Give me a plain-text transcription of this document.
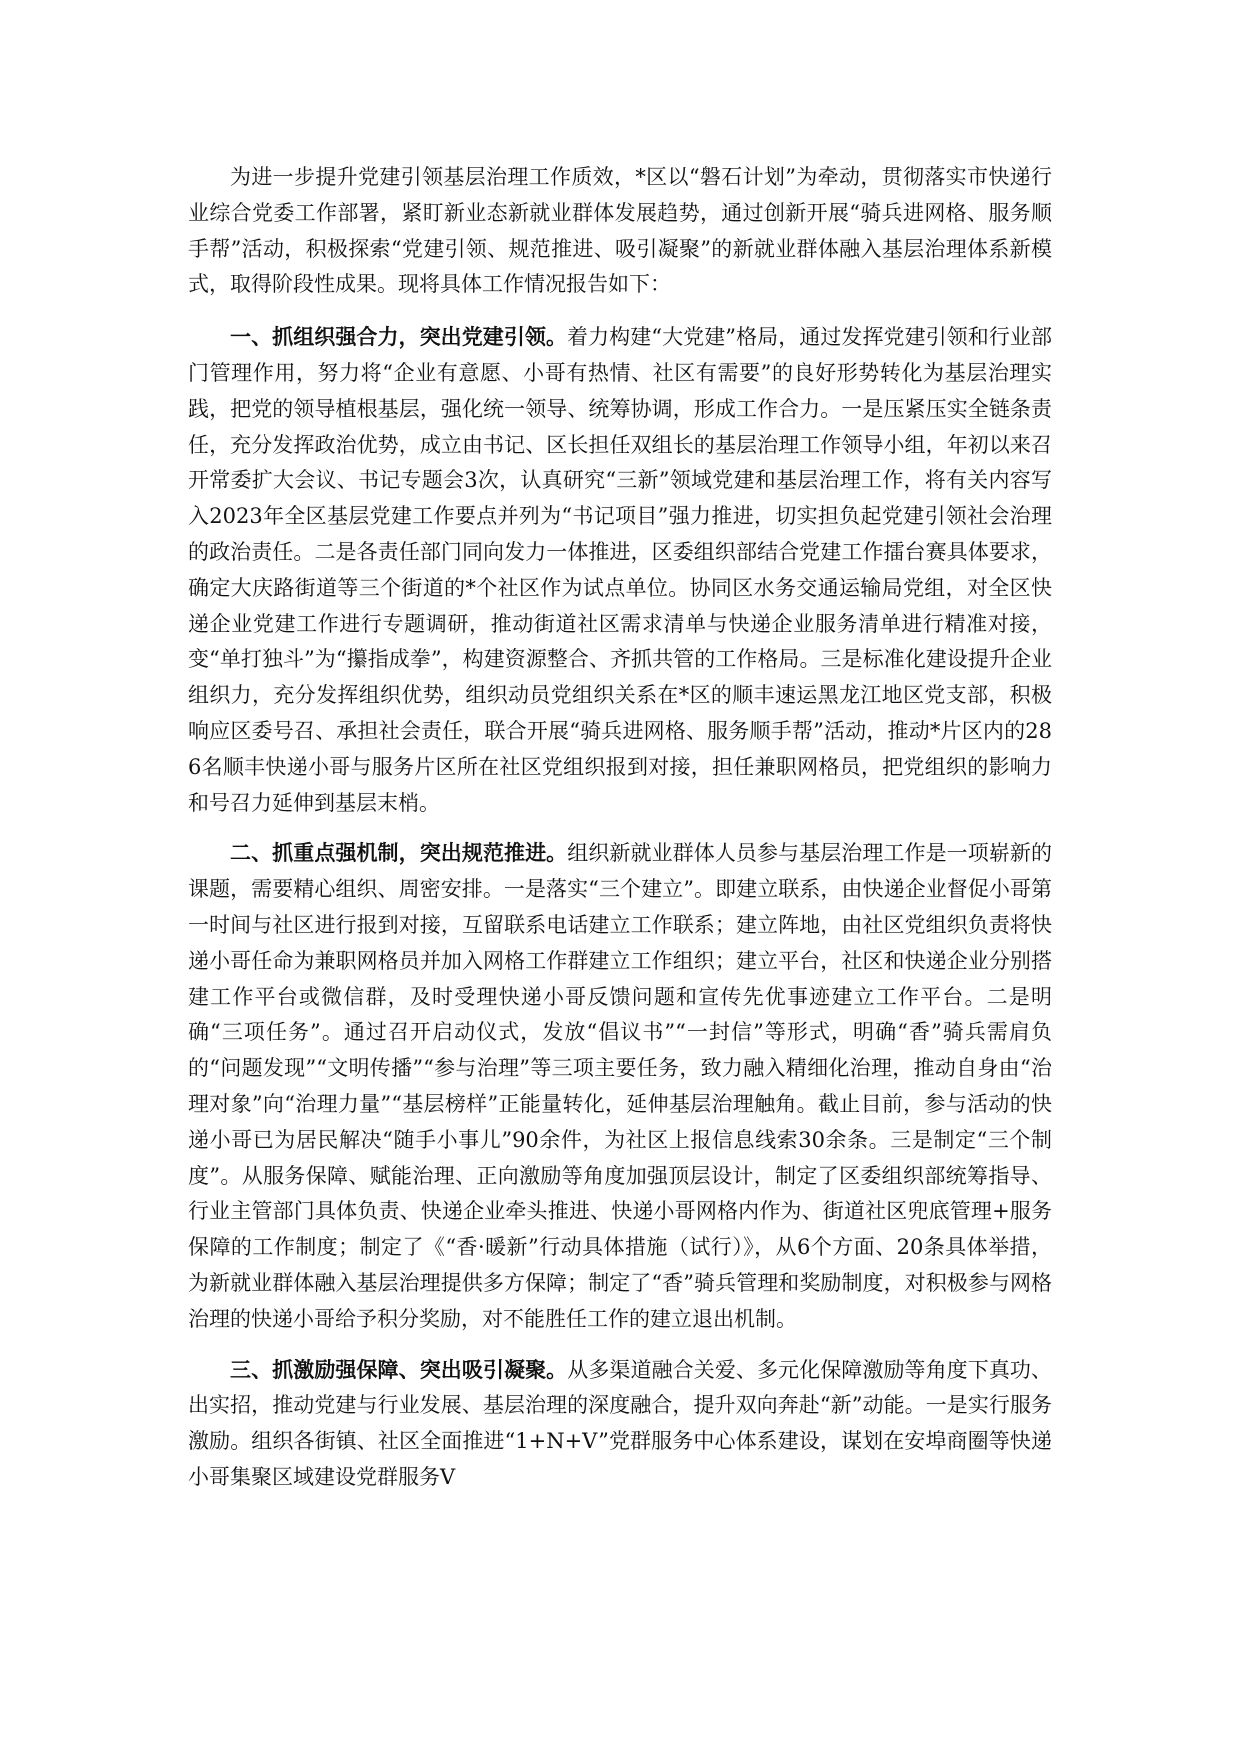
为进一步提升党建引领基层治理工作质效，*区以“磐石计划”为牵动，贯彻落实市快递行业综合党委工作部署，紧盯新业态新就业群体发展趋势，通过创新开展“骑兵进网格、服务顺手帮”活动，积极探索“党建引领、规范推进、吸引凝聚”的新就业群体融入基层治理体系新模式，取得阶段性成果。现将具体工作情况报告如下：

一、抓组织强合力，突出党建引领。着力构建“大党建”格局，通过发挥党建引领和行业部门管理作用，努力将“企业有意愿、小哥有热情、社区有需要”的良好形势转化为基层治理实践，把党的领导植根基层，强化统一领导、统筹协调，形成工作合力。一是压紧压实全链条责任，充分发挥政治优势，成立由书记、区长担任双组长的基层治理工作领导小组，年初以来召开常委扩大会议、书记专题会3次，认真研究“三新”领域党建和基层治理工作，将有关内容写入2023年全区基层党建工作要点并列为“书记项目”强力推进，切实担负起党建引领社会治理的政治责任。二是各责任部门同向发力一体推进，区委组织部结合党建工作擂台赛具体要求，确定大庆路街道等三个街道的*个社区作为试点单位。协同区水务交通运输局党组，对全区快递企业党建工作进行专题调研，推动街道社区需求清单与快递企业服务清单进行精准对接，变“单打独斗”为“攥指成拳”，构建资源整合、齐抓共管的工作格局。三是标准化建设提升企业组织力，充分发挥组织优势，组织动员党组织关系在*区的顺丰速运黑龙江地区党支部，积极响应区委号召、承担社会责任，联合开展“骑兵进网格、服务顺手帮”活动，推动*片区内的286名顺丰快递小哥与服务片区所在社区党组织报到对接，担任兼职网格员，把党组织的影响力和号召力延伸到基层末梢。

二、抓重点强机制，突出规范推进。组织新就业群体人员参与基层治理工作是一项崭新的课题，需要精心组织、周密安排。一是落实“三个建立”。即建立联系，由快递企业督促小哥第一时间与社区进行报到对接，互留联系电话建立工作联系；建立阵地，由社区党组织负责将快递小哥任命为兼职网格员并加入网格工作群建立工作组织；建立平台，社区和快递企业分别搭建工作平台或微信群，及时受理快递小哥反馈问题和宣传先优事迹建立工作平台。二是明确“三项任务”。通过召开启动仪式，发放“倡议书”“一封信”等形式，明确“香”骑兵需肩负的“问题发现”“文明传播”“参与治理”等三项主要任务，致力融入精细化治理，推动自身由“治理对象”向“治理力量”“基层榜样”正能量转化，延伸基层治理触角。截止目前，参与活动的快递小哥已为居民解决“随手小事儿”90余件，为社区上报信息线索30余条。三是制定“三个制度”。从服务保障、赋能治理、正向激励等角度加强顶层设计，制定了区委组织部统筹指导、行业主管部门具体负责、快递企业牵头推进、快递小哥网格内作为、街道社区兜底管理+服务保障的工作制度；制定了《“香·暖新”行动具体措施（试行）》，从6个方面、20条具体举措，为新就业群体融入基层治理提供多方保障；制定了“香”骑兵管理和奖励制度，对积极参与网格治理的快递小哥给予积分奖励，对不能胜任工作的建立退出机制。

三、抓激励强保障、突出吸引凝聚。从多渠道融合关爱、多元化保障激励等角度下真功、出实招，推动党建与行业发展、基层治理的深度融合，提升双向奔赴“新”动能。一是实行服务激励。组织各街镇、社区全面推进“1+N+V”党群服务中心体系建设，谋划在安埠商圈等快递小哥集聚区域建设党群服务V
